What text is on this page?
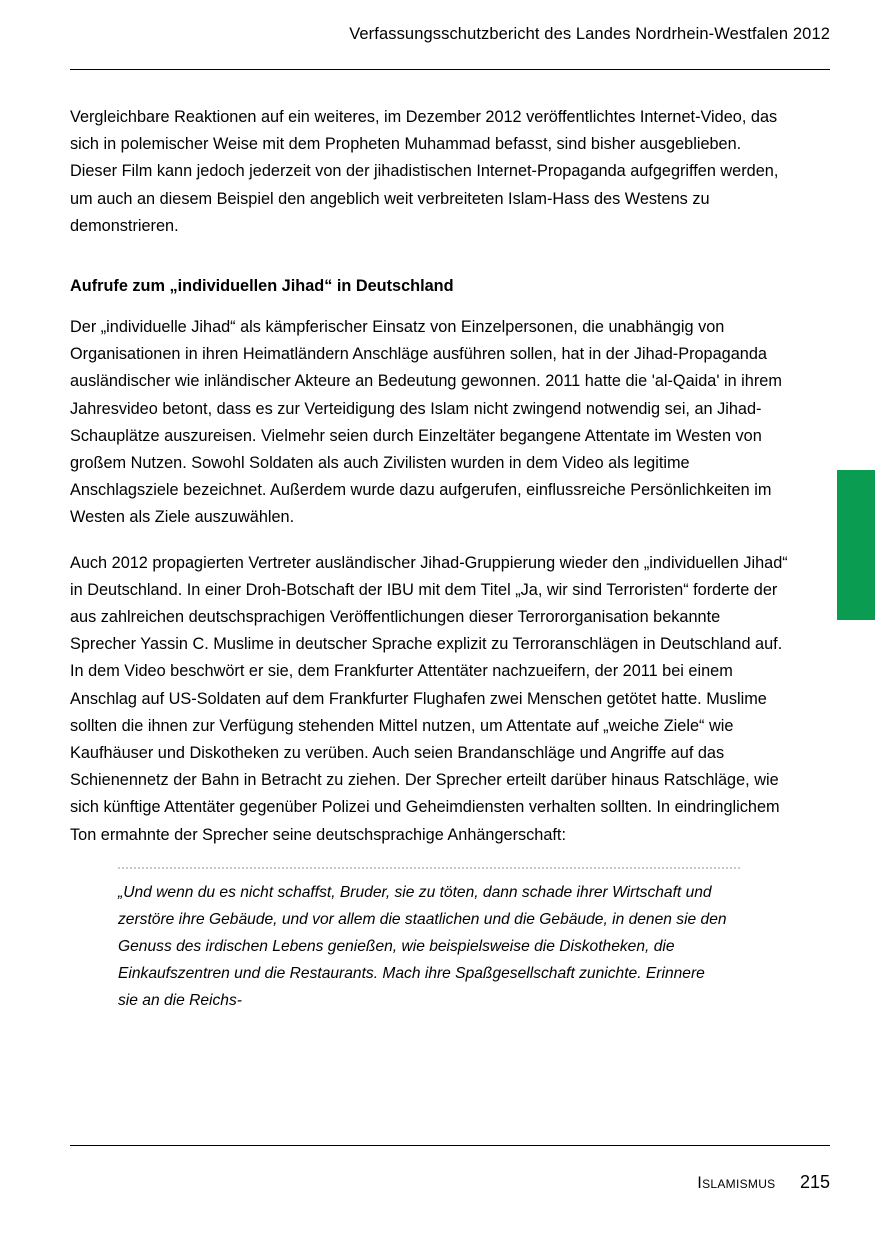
Verfassungsschutzbericht des Landes Nordrhein-Westfalen 2012

Vergleichbare Reaktionen auf ein weiteres, im Dezember 2012 veröffentlichtes Internet-Video, das sich in polemischer Weise mit dem Propheten Muhammad befasst, sind bisher ausgeblieben. Dieser Film kann jedoch jederzeit von der jihadistischen Internet-Propaganda aufgegriffen werden, um auch an diesem Beispiel den angeblich weit verbreiteten Islam-Hass des Westens zu demonstrieren.

Aufrufe zum „individuellen Jihad“ in Deutschland

Der „individuelle Jihad“ als kämpferischer Einsatz von Einzelpersonen, die unabhängig von Organisationen in ihren Heimatländern Anschläge ausführen sollen, hat in der Jihad-Propaganda ausländischer wie inländischer Akteure an Bedeutung gewonnen. 2011 hatte die 'al-Qaida' in ihrem Jahresvideo betont, dass es zur Verteidigung des Islam nicht zwingend notwendig sei, an Jihad-Schauplätze auszureisen. Vielmehr seien durch Einzeltäter begangene Attentate im Westen von großem Nutzen. Sowohl Soldaten als auch Zivilisten wurden in dem Video als legitime Anschlagsziele bezeichnet. Außerdem wurde dazu aufgerufen, einflussreiche Persönlichkeiten im Westen als Ziele auszuwählen.

Auch 2012 propagierten Vertreter ausländischer Jihad-Gruppierung wieder den „individuellen Jihad“ in Deutschland. In einer Droh-Botschaft der IBU mit dem Titel „Ja, wir sind Terroristen“ forderte der aus zahlreichen deutschsprachigen Veröffentlichungen dieser Terrororganisation bekannte Sprecher Yassin C. Muslime in deutscher Sprache explizit zu Terroranschlägen in Deutschland auf. In dem Video beschwört er sie, dem Frankfurter Attentäter nachzueifern, der 2011 bei einem Anschlag auf US-Soldaten auf dem Frankfurter Flughafen zwei Menschen getötet hatte. Muslime sollten die ihnen zur Verfügung stehenden Mittel nutzen, um Attentate auf „weiche Ziele“ wie Kaufhäuser und Diskotheken zu verüben. Auch seien Brandanschläge und Angriffe auf das Schienennetz der Bahn in Betracht zu ziehen. Der Sprecher erteilt darüber hinaus Ratschläge, wie sich künftige Attentäter gegenüber Polizei und Geheimdiensten verhalten sollten. In eindringlichem Ton ermahnte der Sprecher seine deutschsprachige Anhängerschaft:

„Und wenn du es nicht schaffst, Bruder, sie zu töten, dann schade ihrer Wirtschaft und zerstöre ihre Gebäude, und vor allem die staatlichen und die Gebäude, in denen sie den Genuss des irdischen Lebens genießen, wie beispielsweise die Diskotheken, die Einkaufszentren und die Restaurants. Mach ihre Spaßgesellschaft zunichte. Erinnere sie an die Reichs-
Islamismus 215
